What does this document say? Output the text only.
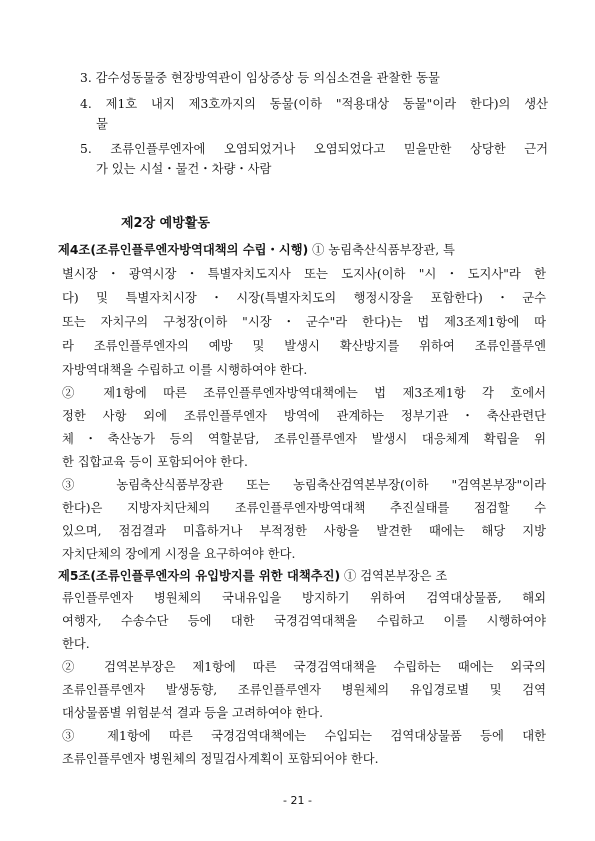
3. 감수성동물중 현장방역관이 임상증상 등 의심소견을 관찰한 동물
4. 제1호 내지 제3호까지의 동물(이하 "적용대상 동물"이라 한다)의 생산
물
5. 조류인플루엔자에 오염되었거나 오염되었다고 믿을만한 상당한 근거
가 있는 시설・물건・차량・사람
제2장 예방활동
제4조(조류인플루엔자방역대책의 수립・시행) ① 농림축산식품부장관, 특
별시장・광역시장・특별자치도지사 또는 도지사(이하 "시・도지사"라 한
다) 및 특별자치시장・시장(특별자치도의 행정시장을 포함한다)・군수
또는 자치구의 구청장(이하 "시장・군수"라 한다)는 법 제3조제1항에 따
라 조류인플루엔자의 예방 및 발생시 확산방지를 위하여 조류인플루엔
자방역대책을 수립하고 이를 시행하여야 한다.
② 제1항에 따른 조류인플루엔자방역대책에는 법 제3조제1항 각 호에서
정한 사항 외에 조류인플루엔자 방역에 관계하는 정부기관・축산관련단
체・축산농가 등의 역할분담, 조류인플루엔자 발생시 대응체계 확립을 위
한 집합교육 등이 포함되어야 한다.
③ 농림축산식품부장관 또는 농림축산검역본부장(이하 "검역본부장"이라
한다)은 지방자치단체의 조류인플루엔자방역대책 추진실태를 점검할 수
있으며, 점검결과 미흡하거나 부적정한 사항을 발견한 때에는 해당 지방
자치단체의 장에게 시정을 요구하여야 한다.
제5조(조류인플루엔자의 유입방지를 위한 대책추진) ① 검역본부장은 조
류인플루엔자 병원체의 국내유입을 방지하기 위하여 검역대상물품, 해외
여행자, 수송수단 등에 대한 국경검역대책을 수립하고 이를 시행하여야
한다.
② 검역본부장은 제1항에 따른 국경검역대책을 수립하는 때에는 외국의
조류인플루엔자 발생동향, 조류인플루엔자 병원체의 유입경로별 및 검역
대상물품별 위험분석 결과 등을 고려하여야 한다.
③ 제1항에 따른 국경검역대책에는 수입되는 검역대상물품 등에 대한
조류인플루엔자 병원체의 정밀검사계획이 포함되어야 한다.
- 21 -
